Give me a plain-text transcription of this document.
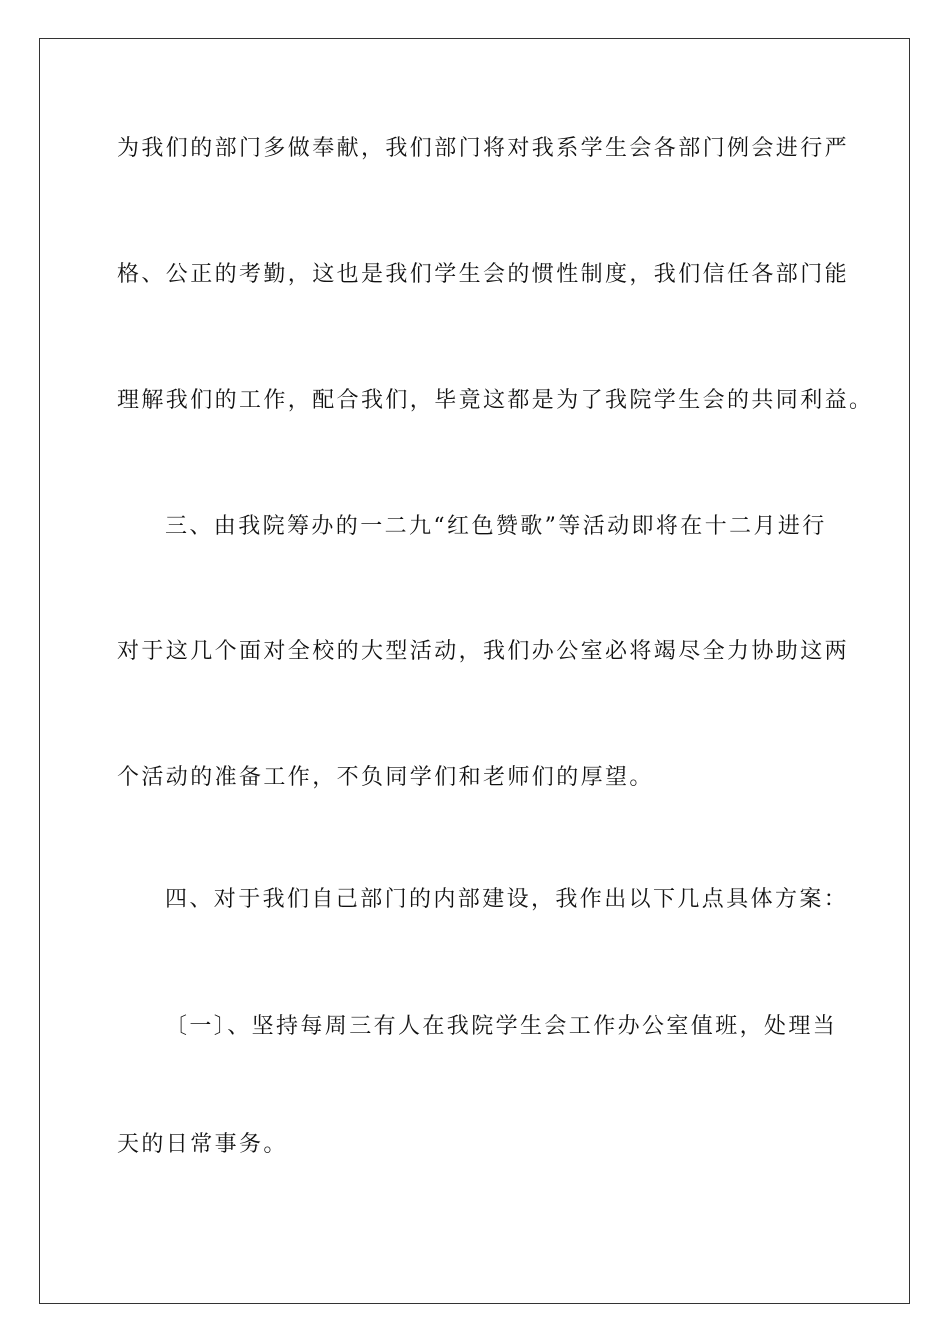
为我们的部门多做奉献，我们部门将对我系学生会各部门例会进行严

格、公正的考勤，这也是我们学生会的惯性制度，我们信任各部门能

理解我们的工作，配合我们，毕竟这都是为了我院学生会的共同利益。

三、由我院筹办的一二九“红色赞歌”等活动即将在十二月进行

对于这几个面对全校的大型活动，我们办公室必将竭尽全力协助这两

个活动的准备工作，不负同学们和老师们的厚望。

四、对于我们自己部门的内部建设，我作出以下几点具体方案：

〔一〕、坚持每周三有人在我院学生会工作办公室值班，处理当

天的日常事务。
